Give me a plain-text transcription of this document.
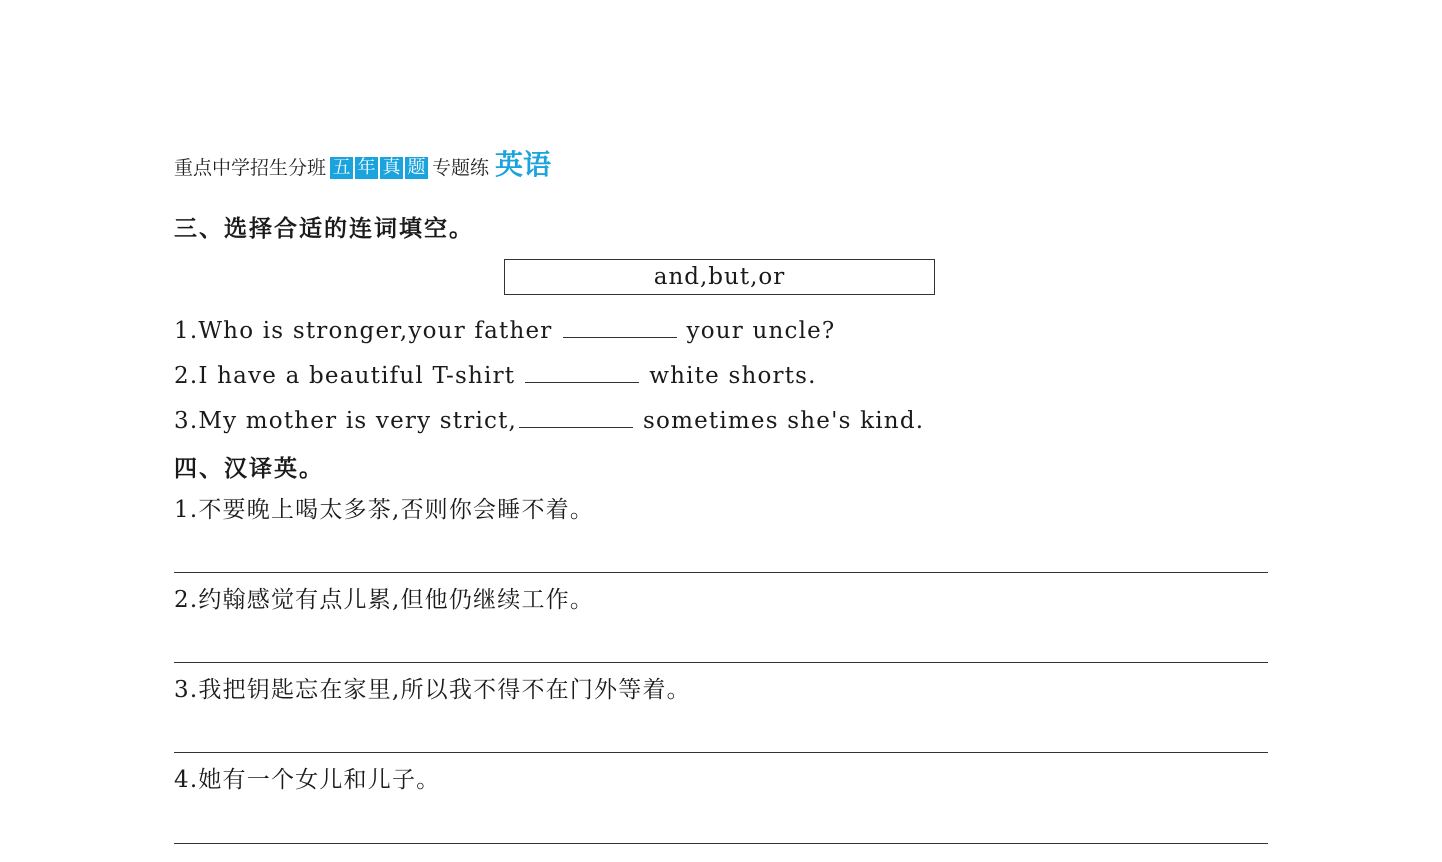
重点中学招生分班 五 年 真 题 专题练 英语
三、选择合适的连词填空。
and,but,or
1.Who is stronger,your father	your uncle?
2.I have a beautiful T-shirt	white shorts.
3.My mother is very strict,	sometimes she's kind.
四、汉译英。
1.不要晚上喝太多茶,否则你会睡不着。
2.约翰感觉有点儿累,但他仍继续工作。
3.我把钥匙忘在家里,所以我不得不在门外等着。
4.她有一个女儿和儿子。
